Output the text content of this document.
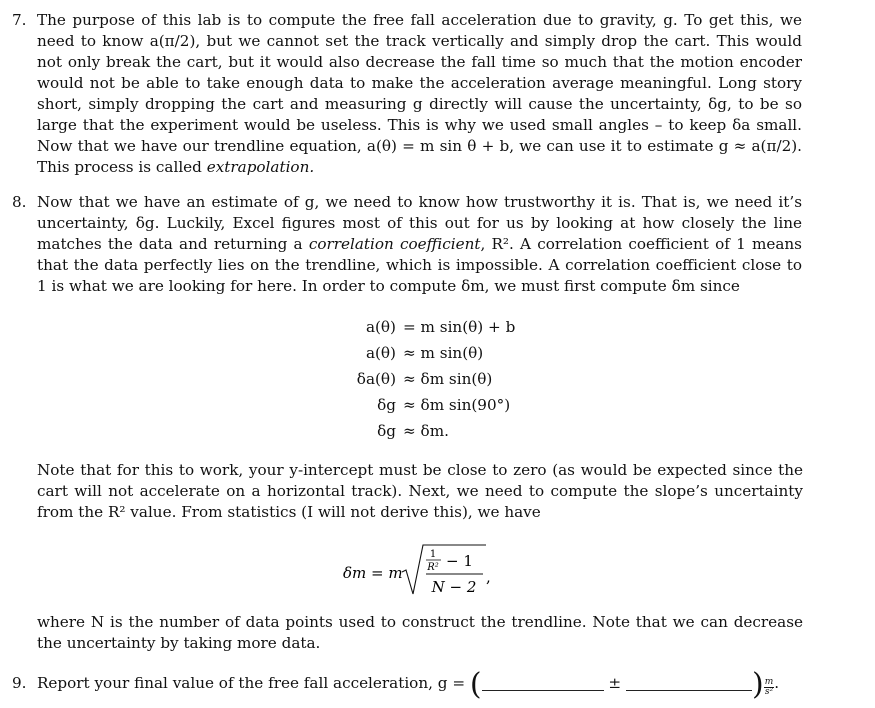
7. The purpose of this lab is to compute the free fall acceleration due to gravity, g. To get this, we need to know a(π/2), but we cannot set the track vertically and simply drop the cart. This would not only break the cart, but it would also decrease the fall time so much that the motion encoder would not be able to take enough data to make the acceleration average meaningful. Long story short, simply dropping the cart and measuring g directly will cause the uncertainty, δg, to be so large that the experiment would be useless. This is why we used small angles – to keep δa small. Now that we have our trendline equation, a(θ) = m sin θ + b, we can use it to estimate g ≈ a(π/2). This process is called extrapolation.

8. Now that we have an estimate of g, we need to know how trustworthy it is. That is, we need it’s uncertainty, δg. Luckily, Excel figures most of this out for us by looking at how closely the line matches the data and returning a correlation coefficient, R². A correlation coefficient of 1 means that the data perfectly lies on the trendline, which is impossible. A correlation coefficient close to 1 is what we are looking for here. In order to compute δm, we must first compute δm since

a(θ) = m sin(θ) + b
a(θ) ≈ m sin(θ)
δa(θ) ≈ δm sin(θ)
δg ≈ δm sin(90°)
δg ≈ δm.
Note that for this to work, your y-intercept must be close to zero (as would be expected since the cart will not accelerate on a horizontal track). Next, we need to compute the slope’s uncertainty from the R² value. From statistics (I will not derive this), we have
δm = m
1
R² − 1
N − 2
,
where N is the number of data points used to construct the trendline. Note that we can decrease the uncertainty by taking more data.
9. Report your final value of the free fall acceleration, g = (	±	) $\frac{m}{\text{s²}}$ .
